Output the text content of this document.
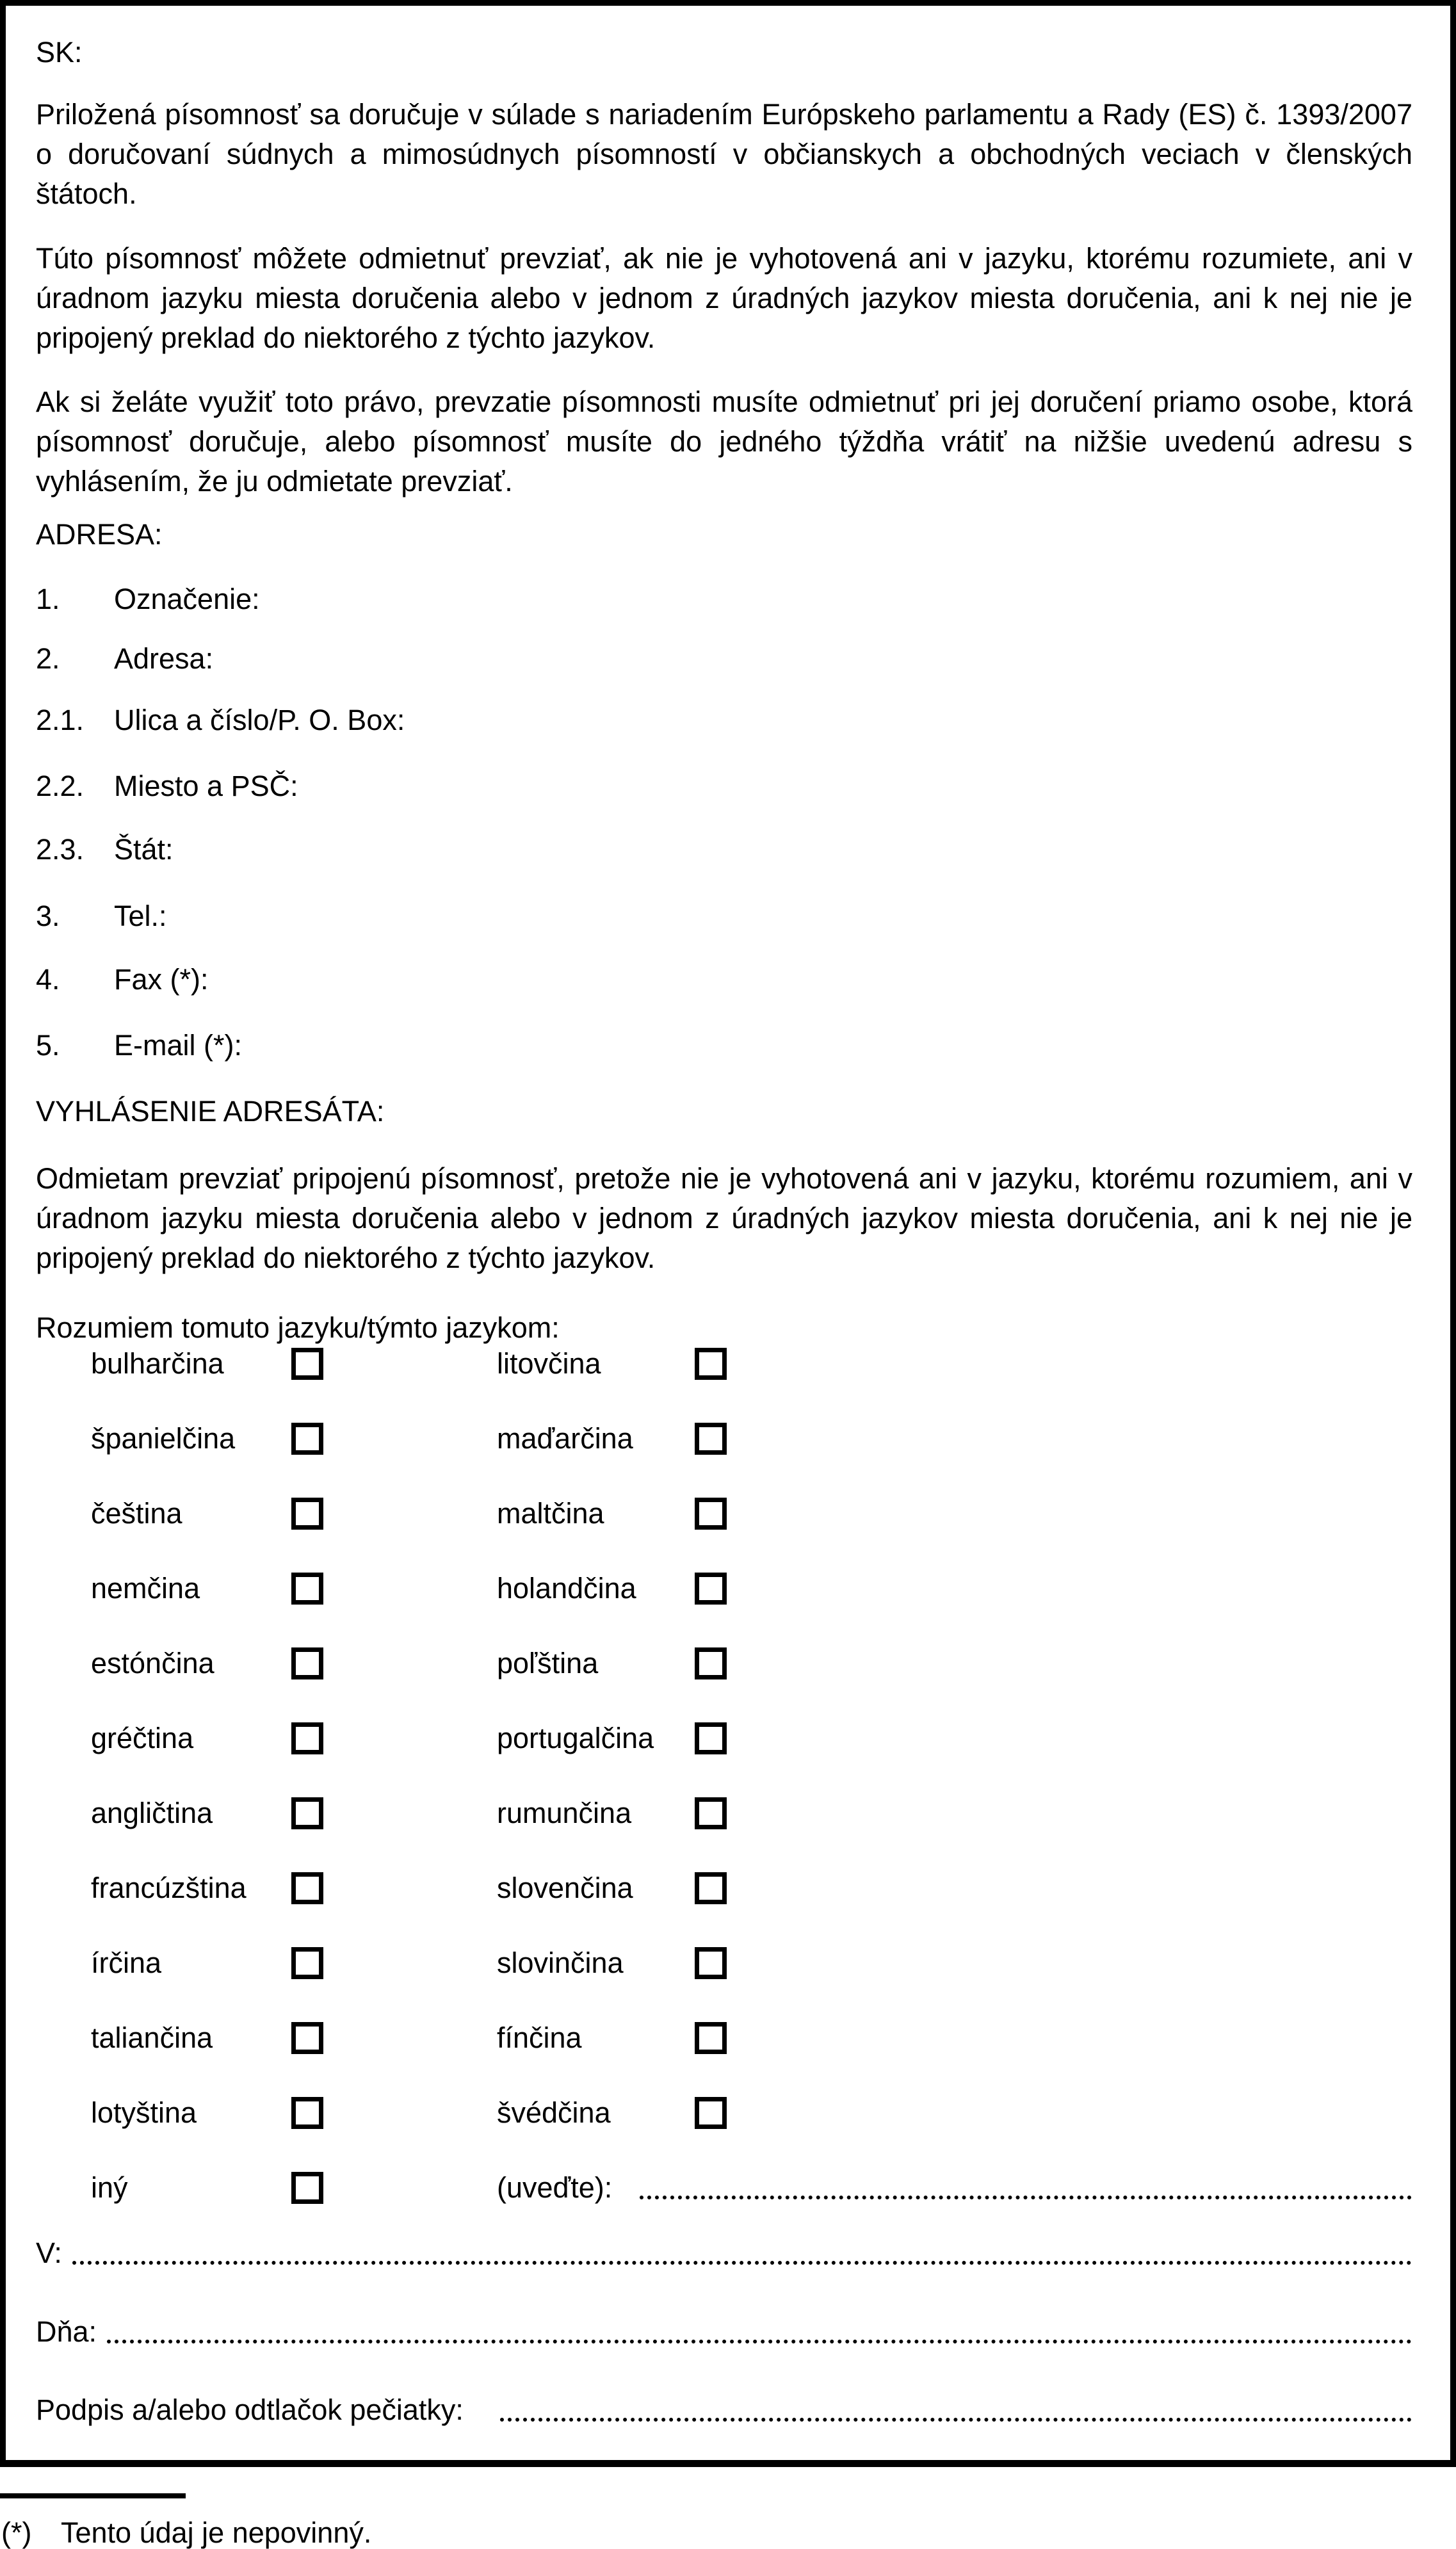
SK:

Priložená písomnosť sa doručuje v súlade s nariadením Európskeho parlamentu a Rady (ES) č. 1393/2007 o doručovaní súdnych a mimosúdnych písomností v občianskych a obchodných veciach v členských štátoch.

Túto písomnosť môžete odmietnuť prevziať, ak nie je vyhotovená ani v jazyku, ktorému rozumiete, ani v úradnom jazyku miesta doručenia alebo v jednom z úradných jazykov miesta doručenia, ani k nej nie je pripojený preklad do niektorého z týchto jazykov.

Ak si želáte využiť toto právo, prevzatie písomnosti musíte odmietnuť pri jej doručení priamo osobe, ktorá písomnosť doručuje, alebo písomnosť musíte do jedného týždňa vrátiť na nižšie uvedenú adresu s vyhlásením, že ju odmietate prevziať.

ADRESA:

1. Označenie:
2. Adresa:
2.1. Ulica a číslo/P. O. Box:
2.2. Miesto a PSČ:
2.3. Štát:
3. Tel.:
4. Fax (*):
5. E-mail (*):

VYHLÁSENIE ADRESÁTA:

Odmietam prevziať pripojenú písomnosť, pretože nie je vyhotovená ani v jazyku, ktorému rozumiem, ani v úradnom jazyku miesta doručenia alebo v jednom z úradných jazykov miesta doručenia, ani k nej nie je pripojený preklad do niektorého z týchto jazykov.

Rozumiem tomuto jazyku/týmto jazykom:

bulharčina	litovčina
španielčina	maďarčina
čeština	maltčina
nemčina	holandčina
estónčina	poľština
gréčtina	portugalčina
angličtina	rumunčina
francúzština	slovenčina
írčina	slovinčina
taliančina	fínčina
lotyština	švédčina
iný	(uveďte):
V:
Dňa:
Podpis a/alebo odtlačok pečiatky:
(*) Tento údaj je nepovinný.
